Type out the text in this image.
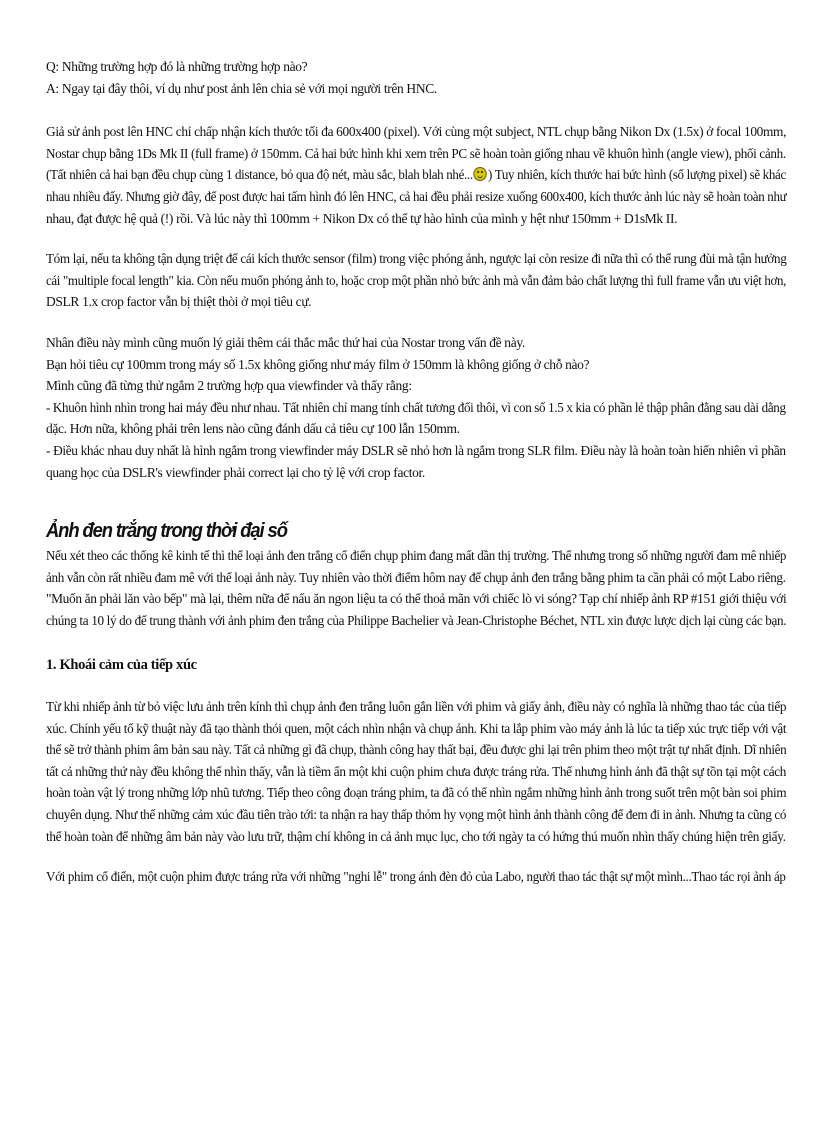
Q: Những trường hợp đó là những trường hợp nào?
A: Ngay tại đây thôi, ví dụ như post ảnh lên chia sẻ với mọi người trên HNC.

Giả sử ảnh post lên HNC chỉ chấp nhận kích thước tối đa 600x400 (pixel). Với cùng một subject, NTL chụp bằng Nikon Dx (1.5x) ở focal 100mm,
Nostar chụp bằng 1Ds Mk II (full frame) ở 150mm. Cả hai bức hình khi xem trên PC sẽ hoàn toàn giống nhau về khuôn hình (angle view), phối cảnh.
(Tất nhiên cả hai bạn đều chụp cùng 1 distance, bỏ qua độ nét, màu sắc, blah blah nhé... ) Tuy nhiên, kích thước hai bức hình (số lượng pixel) sẽ khác
nhau nhiều đấy. Nhưng giờ đây, để post được hai tấm hình đó lên HNC, cả hai đều phải resize xuống 600x400, kích thước ảnh lúc này sẽ hoàn toàn như
nhau, đạt được hệ quả (!) rồi. Và lúc này thì 100mm + Nikon Dx có thể tự hào hình của mình y hệt như 150mm + D1sMk II.

Tóm lại, nếu ta không tận dụng triệt để cái kích thước sensor (film) trong việc phóng ảnh, ngược lại còn resize đi nữa thì có thể rung đùi mà tận hưởng
cái "multiple focal length" kia. Còn nếu muốn phóng ảnh to, hoặc crop một phần nhỏ bức ảnh mà vẫn đảm bảo chất lượng thì full frame vẫn ưu việt hơn,
DSLR 1.x crop factor vẫn bị thiệt thòi ở mọi tiêu cự.

Nhân điều này mình cũng muốn lý giải thêm cái thắc mắc thứ hai của Nostar trong vấn đề này.
Bạn hỏi tiêu cự 100mm trong máy số 1.5x không giống như máy film ở 150mm là không giống ở chỗ nào?
Mình cũng đã từng thử ngắm 2 trường hợp qua viewfinder và thấy rằng:
- Khuôn hình nhìn trong hai máy đều như nhau. Tất nhiên chỉ mang tính chất tương đối thôi, vì con số 1.5 x kia có phần lẻ thập phân đằng sau dài dằng
dặc. Hơn nữa, không phải trên lens nào cũng đánh dấu cả tiêu cự 100 lẫn 150mm.
- Điều khác nhau duy nhất là hình ngắm trong viewfinder máy DSLR sẽ nhỏ hơn là ngắm trong SLR film. Điều này là hoàn toàn hiển nhiên vì phần
quang học của DSLR's viewfinder phải correct lại cho tỷ lệ với crop factor.

Ảnh đen trắng trong thời đại số

Nếu xét theo các thống kê kinh tế thì thể loại ảnh đen trắng cổ điển chụp phim đang mất dần thị trường. Thế nhưng trong số những người đam mê nhiếp
ảnh vẫn còn rất nhiều đam mê với thể loại ảnh này. Tuy nhiên vào thời điểm hôm nay để chụp ảnh đen trắng bằng phim ta cần phải có một Labo riêng.
"Muốn ăn phải lăn vào bếp" mà lại, thêm nữa để nấu ăn ngon liệu ta có thể thoả mãn với chiếc lò vi sóng? Tạp chí nhiếp ảnh RP #151 giới thiệu với
chúng ta 10 lý do để trung thành với ảnh phim đen trắng của Philippe Bachelier và Jean-Christophe Béchet, NTL xin được lược dịch lại cùng các bạn.

1. Khoái cảm của tiếp xúc

Từ khi nhiếp ảnh từ bỏ việc lưu ảnh trên kính thì chụp ảnh đen trắng luôn gắn liền với phim và giấy ảnh, điều này có nghĩa là những thao tác của tiếp
xúc. Chính yếu tố kỹ thuật này đã tạo thành thói quen, một cách nhìn nhận và chụp ảnh. Khi ta lắp phim vào máy ảnh là lúc ta tiếp xúc trực tiếp với vật
thể sẽ trở thành phim âm bản sau này. Tất cả những gì đã chụp, thành công hay thất bại, đều được ghi lại trên phim theo một trật tự nhất định. Dĩ nhiên
tất cả những thứ này đều không thể nhìn thấy, vẫn là tiềm ẩn một khi cuộn phim chưa được tráng rửa. Thế nhưng hình ảnh đã thật sự tồn tại một cách
hoàn toàn vật lý trong những lớp nhũ tương. Tiếp theo công đoạn tráng phim, ta đã có thể nhìn ngắm những hình ảnh trong suốt trên một bàn soi phim
chuyên dụng. Như thế những cảm xúc đầu tiên trào tới: ta nhận ra hay thấp thỏm hy vọng một hình ảnh thành công để đem đi in ảnh. Nhưng ta cũng có
thể hoàn toàn để những âm bản này vào lưu trữ, thậm chí không in cả ảnh mục lục, cho tới ngày ta có hứng thú muốn nhìn thấy chúng hiện trên giấy.

Với phim cổ điển, một cuộn phim được tráng rửa với những "nghi lễ" trong ánh đèn đỏ của Labo, người thao tác thật sự một mình...Thao tác rọi ảnh áp
